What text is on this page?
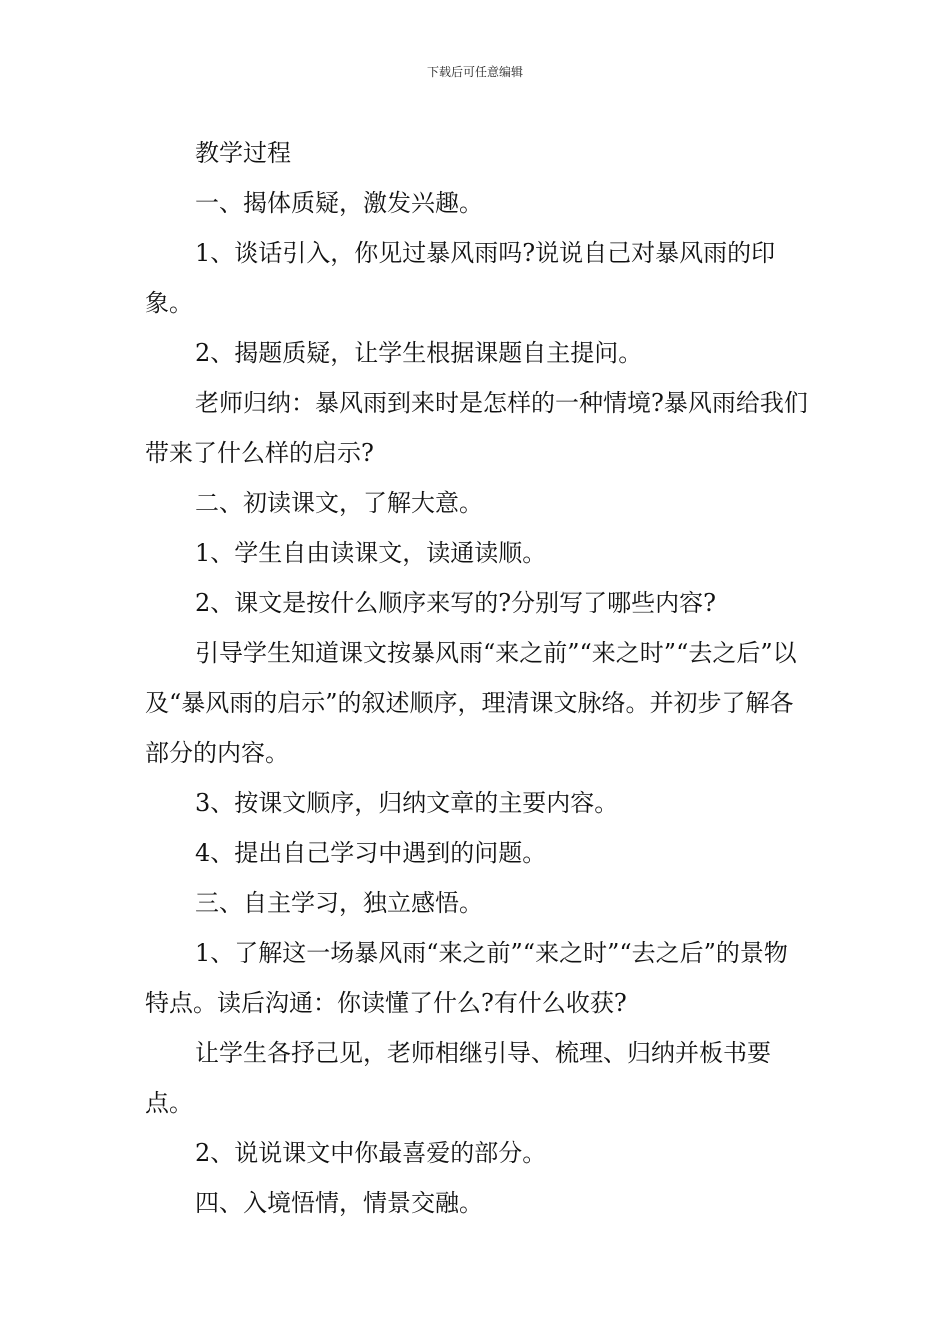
下载后可任意编辑

教学过程

一、揭体质疑，激发兴趣。

1、谈话引入，你见过暴风雨吗?说说自己对暴风雨的印象。

2、揭题质疑，让学生根据课题自主提问。

老师归纳：暴风雨到来时是怎样的一种情境?暴风雨给我们带来了什么样的启示?

二、初读课文，了解大意。

1、学生自由读课文，读通读顺。

2、课文是按什么顺序来写的?分别写了哪些内容?

引导学生知道课文按暴风雨“来之前”“来之时”“去之后”以及“暴风雨的启示”的叙述顺序，理清课文脉络。并初步了解各部分的内容。

3、按课文顺序，归纳文章的主要内容。

4、提出自己学习中遇到的问题。

三、自主学习，独立感悟。

1、了解这一场暴风雨“来之前”“来之时”“去之后”的景物特点。读后沟通：你读懂了什么?有什么收获?

让学生各抒己见，老师相继引导、梳理、归纳并板书要点。

2、说说课文中你最喜爱的部分。

四、入境悟情，情景交融。
